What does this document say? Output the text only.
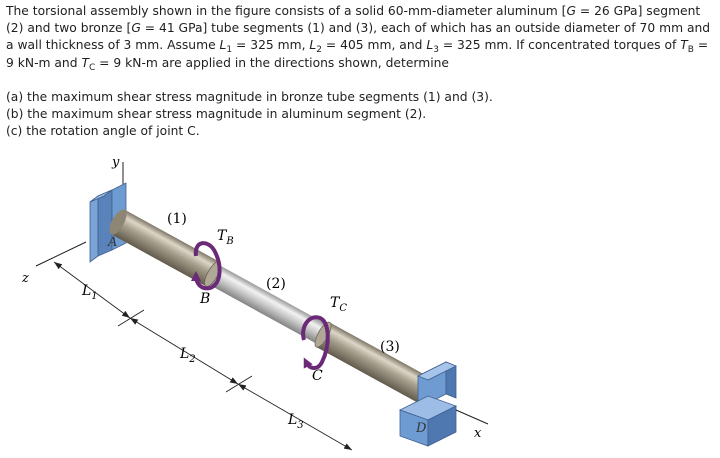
The torsional assembly shown in the figure consists of a solid 60-mm-diameter aluminum [G = 26 GPa] segment (2) and two bronze [G = 41 GPa] tube segments (1) and (3), each of which has an outside diameter of 70 mm and a wall thickness of 3 mm. Assume $L_1 = 325$ mm, $L_2 = 405$ mm, and $L_3 = 325$ mm. If concentrated torques of $T_B = 9$ kN-m and $T_C = 9$ kN-m are applied in the directions shown, determine

(a) the maximum shear stress magnitude in bronze tube segments (1) and (3).

(b) the maximum shear stress magnitude in aluminum segment (2).

(c) the rotation angle of joint C.

y
z
x
A
D
(1)
(2)
(3)
B
C
$T_B$
$T_C$
$L_1$
$L_2$
$L_3$
